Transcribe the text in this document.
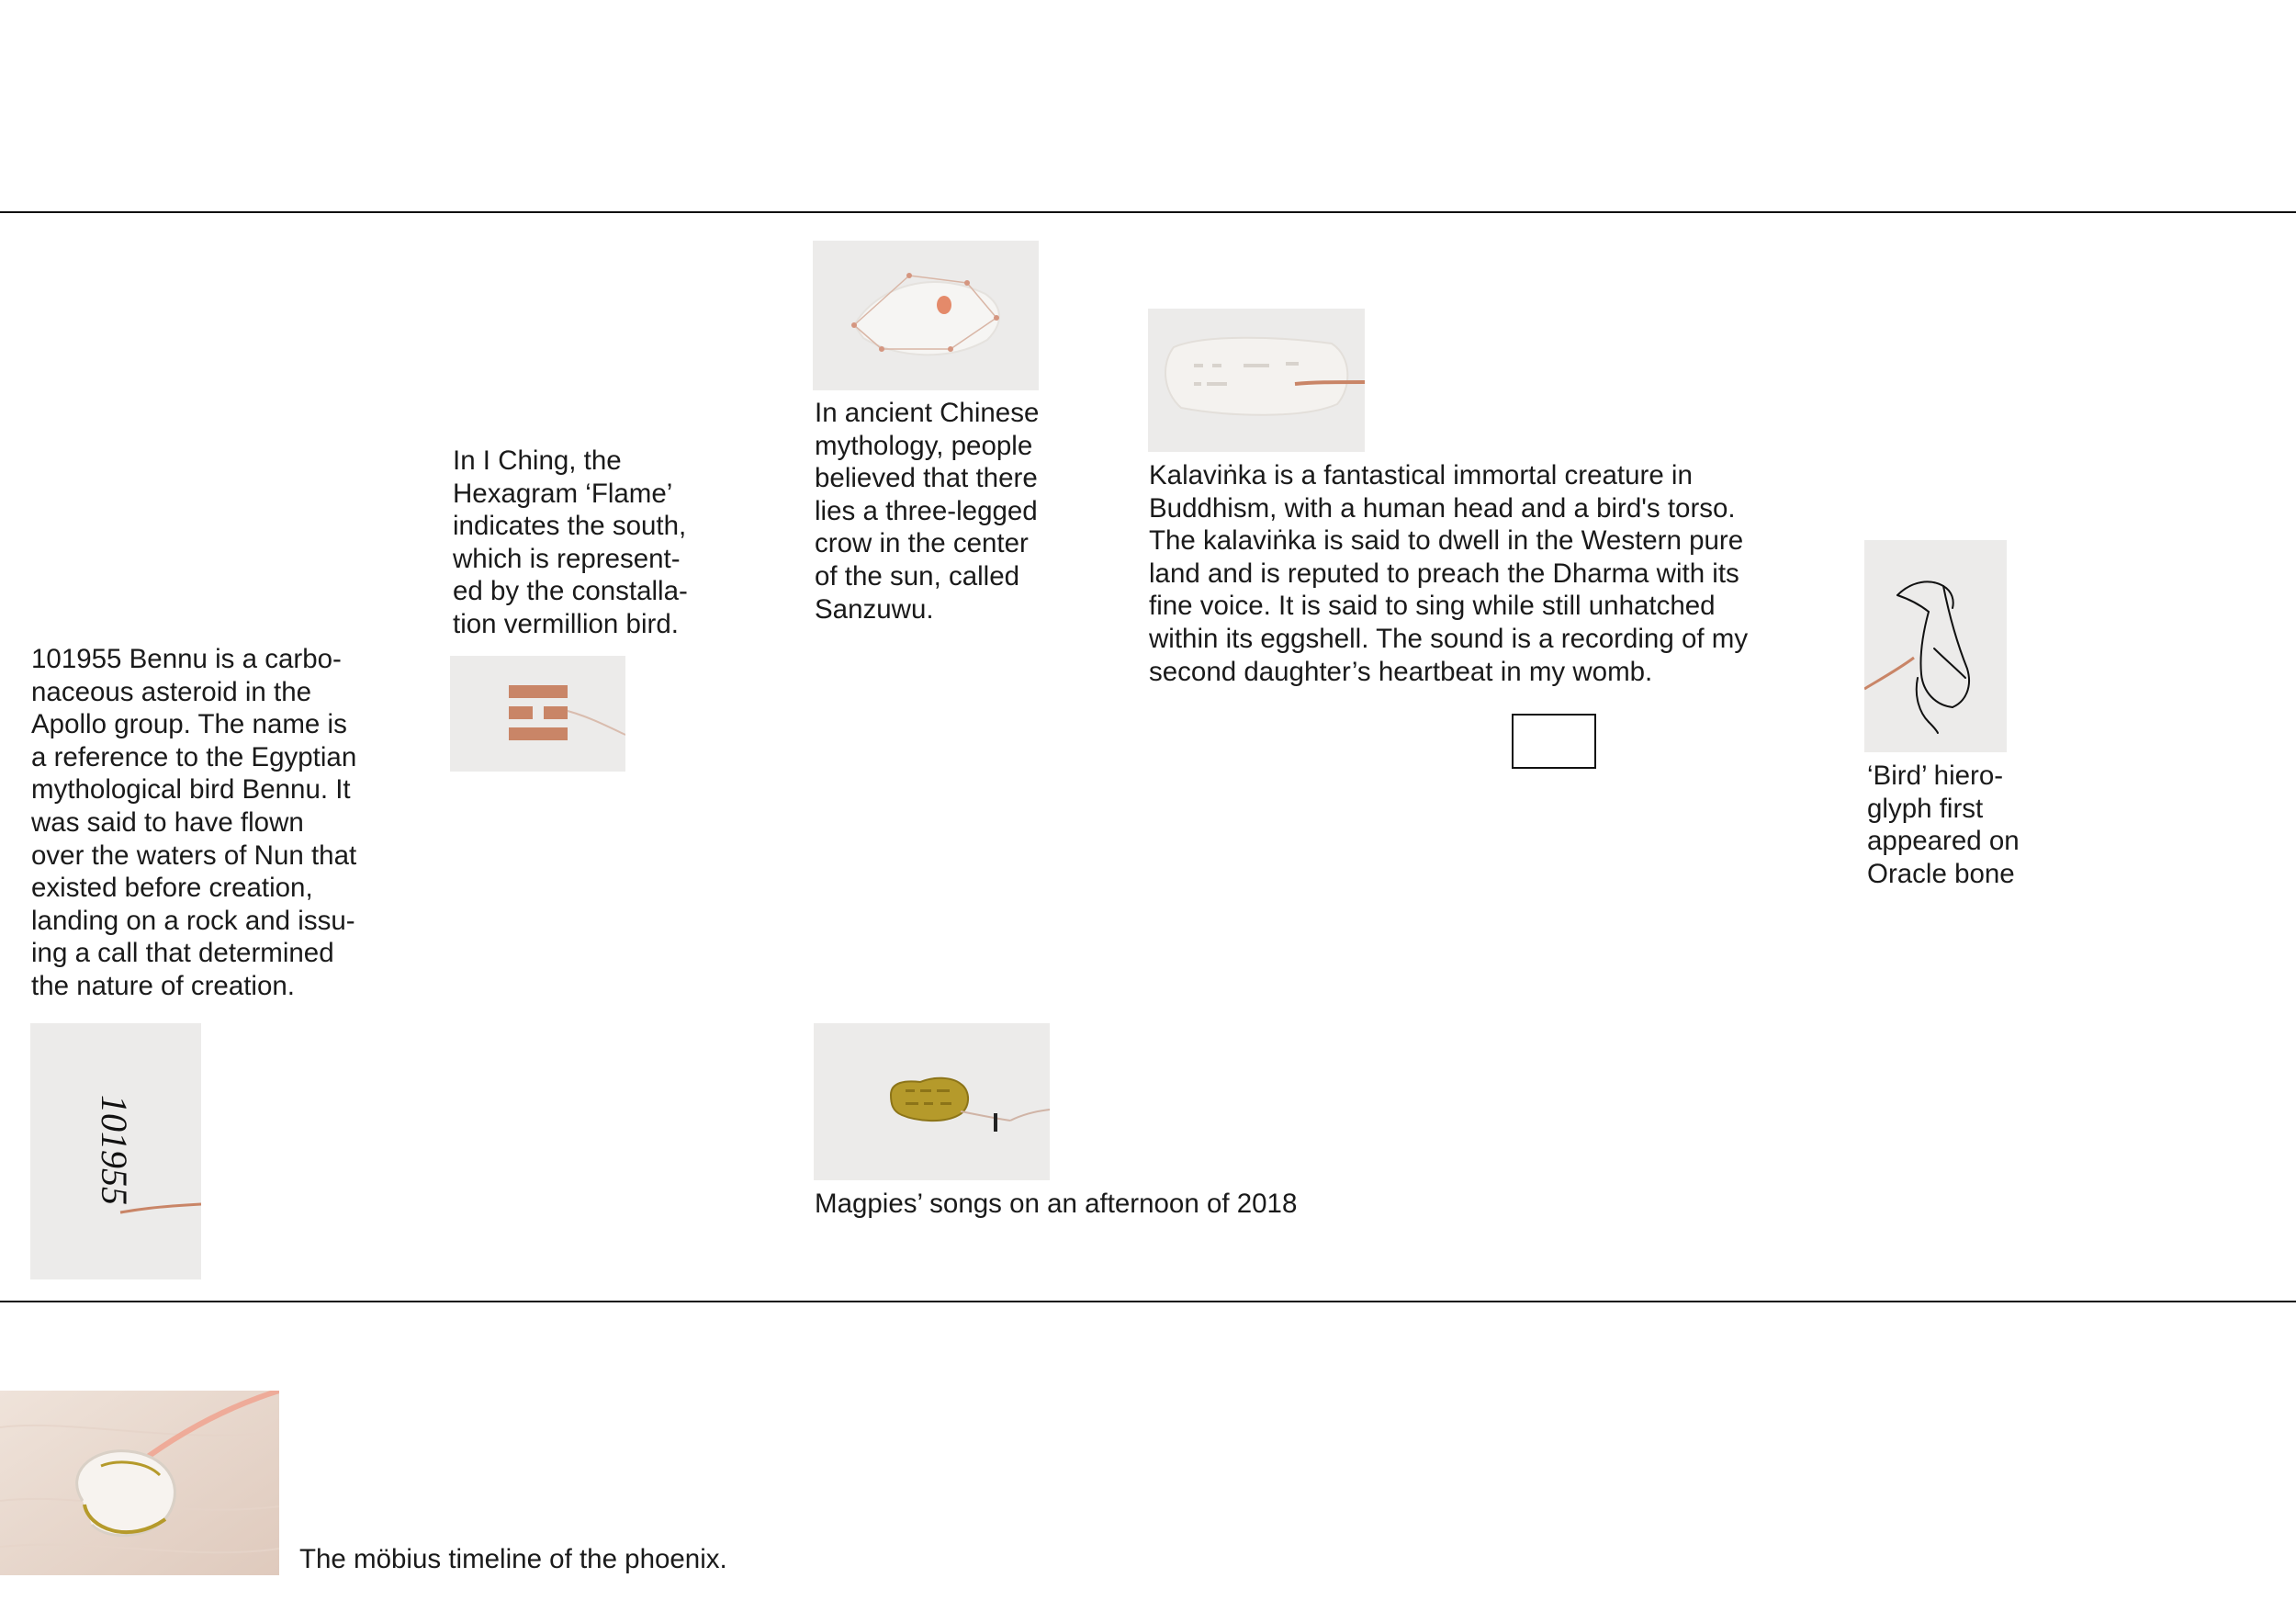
101955 Bennu is a carbo-
naceous asteroid in the
Apollo group. The name is
a reference to the Egyptian
mythological bird Bennu. It
was said to have flown
over the waters of Nun that
existed before creation,
landing on a rock and issu-
ing a call that determined
the nature of creation.

101955

In I Ching, the
Hexagram ‘Flame’
indicates the south,
which is represent-
ed by the constalla-
tion vermillion bird.

In ancient Chinese
mythology, people
believed that there
lies a three-legged
crow in the center
of the sun, called
Sanzuwu.

Kalaviṅka is a fantastical immortal creature in
Buddhism, with a human head and a bird's torso.
The kalaviṅka is said to dwell in the Western pure
land and is reputed to preach the Dharma with its
fine voice. It is said to sing while still unhatched
within its eggshell. The sound is a recording of my
second daughter’s heartbeat in my womb.

‘Bird’ hiero-
glyph first
appeared on
Oracle bone

Magpies’ songs on an afternoon of 2018

The möbius timeline of the phoenix.
